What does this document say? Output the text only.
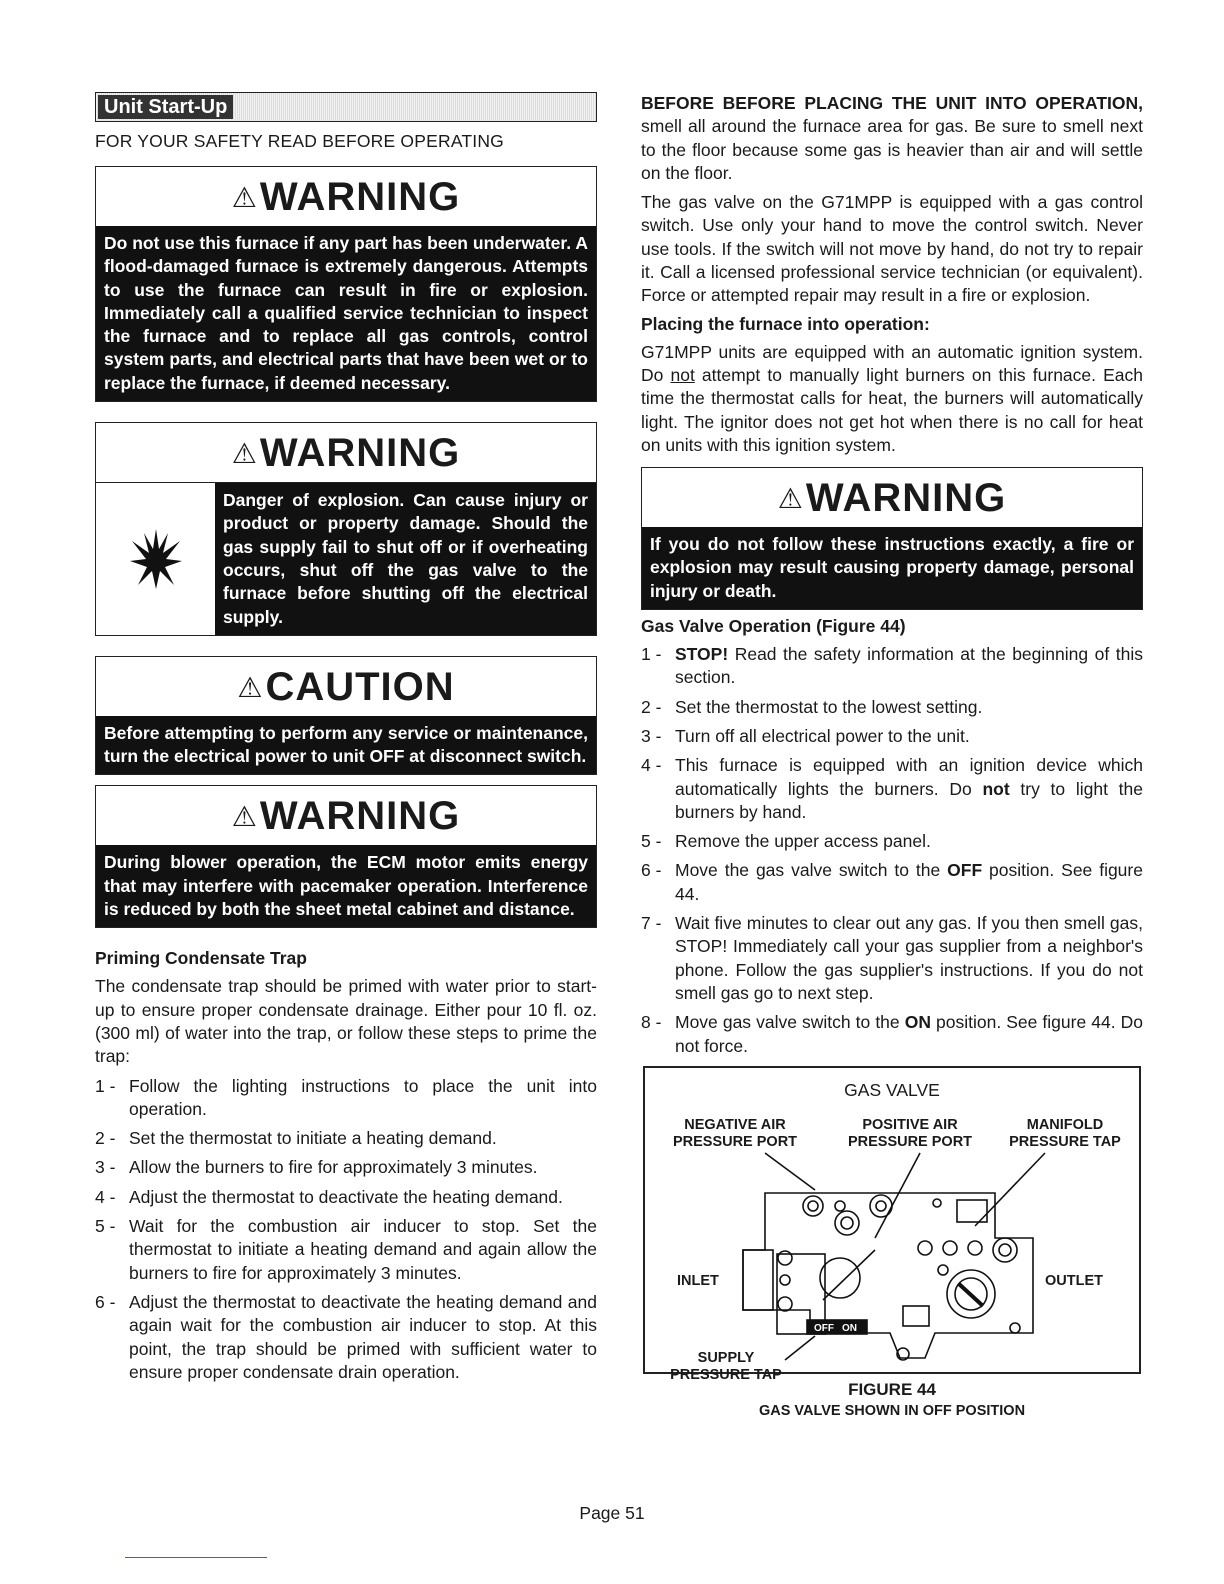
Unit Start-Up
FOR YOUR SAFETY READ BEFORE OPERATING
⚠WARNING
Do not use this furnace if any part has been underwater. A flood-damaged furnace is extremely dangerous. Attempts to use the furnace can result in fire or explosion. Immediately call a qualified service technician to inspect the furnace and to replace all gas controls, control system parts, and electrical parts that have been wet or to replace the furnace, if deemed necessary.
⚠WARNING
Danger of explosion. Can cause injury or product or property damage. Should the gas supply fail to shut off or if overheating occurs, shut off the gas valve to the furnace before shutting off the electrical supply.
⚠CAUTION
Before attempting to perform any service or maintenance, turn the electrical power to unit OFF at disconnect switch.
⚠WARNING
During blower operation, the ECM motor emits energy that may interfere with pacemaker operation. Interference is reduced by both the sheet metal cabinet and distance.
Priming Condensate Trap

The condensate trap should be primed with water prior to start-up to ensure proper condensate drainage. Either pour 10 fl. oz. (300 ml) of water into the trap, or follow these steps to prime the trap:

1 - Follow the lighting instructions to place the unit into operation.
2 - Set the thermostat to initiate a heating demand.
3 - Allow the burners to fire for approximately 3 minutes.
4 - Adjust the thermostat to deactivate the heating demand.
5 - Wait for the combustion air inducer to stop. Set the thermostat to initiate a heating demand and again allow the burners to fire for approximately 3 minutes.
6 - Adjust the thermostat to deactivate the heating demand and again wait for the combustion air inducer to stop. At this point, the trap should be primed with sufficient water to ensure proper condensate drain operation.

BEFORE BEFORE PLACING THE UNIT INTO OPERATION, smell all around the furnace area for gas. Be sure to smell next to the floor because some gas is heavier than air and will settle on the floor.

The gas valve on the G71MPP is equipped with a gas control switch. Use only your hand to move the control switch. Never use tools. If the switch will not move by hand, do not try to repair it. Call a licensed professional service technician (or equivalent). Force or attempted repair may result in a fire or explosion.

Placing the furnace into operation:

G71MPP units are equipped with an automatic ignition system. Do not attempt to manually light burners on this furnace. Each time the thermostat calls for heat, the burners will automatically light. The ignitor does not get hot when there is no call for heat on units with this ignition system.

⚠WARNING
If you do not follow these instructions exactly, a fire or explosion may result causing property damage, personal injury or death.
Gas Valve Operation (Figure 44)
1 - STOP! Read the safety information at the beginning of this section.
2 - Set the thermostat to the lowest setting.
3 - Turn off all electrical power to the unit.
4 - This furnace is equipped with an ignition device which automatically lights the burners. Do not try to light the burners by hand.
5 - Remove the upper access panel.
6 - Move the gas valve switch to the OFF position. See figure 44.
7 - Wait five minutes to clear out any gas. If you then smell gas, STOP! Immediately call your gas supplier from a neighbor's phone. Follow the gas supplier's instructions. If you do not smell gas go to next step.
8 - Move gas valve switch to the ON position. See figure 44. Do not force.
GAS VALVE
NEGATIVE AIR
PRESSURE PORT
POSITIVE AIR
PRESSURE PORT
MANIFOLD
PRESSURE TAP
INLET	OUTLET
SUPPLY
PRESSURE TAP
GAS VALVE SHOWN IN OFF POSITION
OFF ON
FIGURE 44
Page 51
